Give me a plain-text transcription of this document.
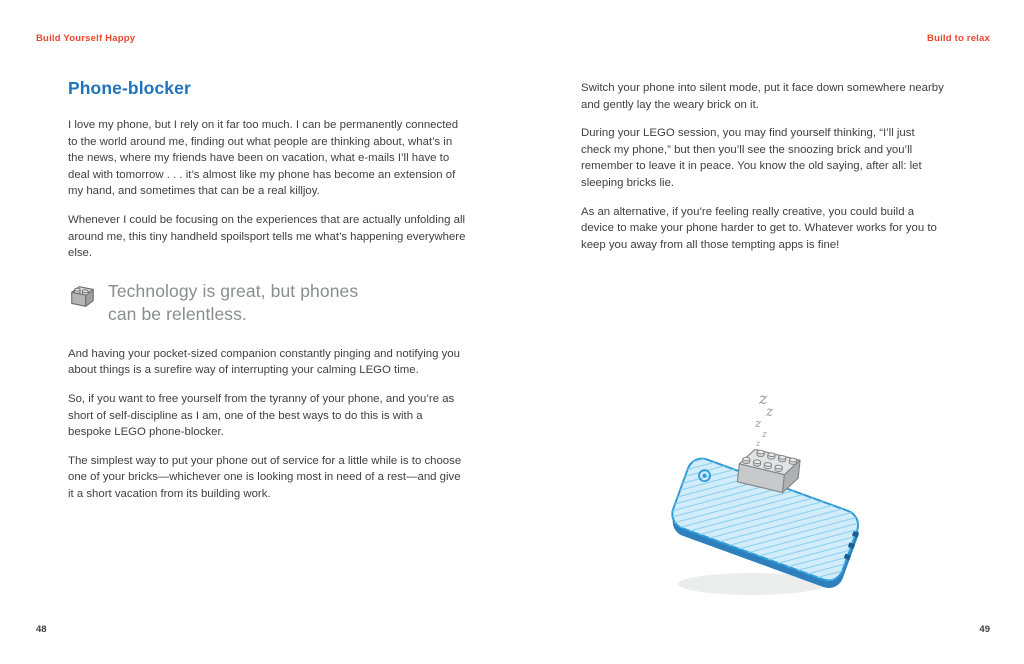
Build Yourself Happy	Build to relax
Phone-blocker

I love my phone, but I rely on it far too much. I can be permanently connected to the world around me, finding out what people are thinking about, what’s in the news, where my friends have been on vacation, what e-mails I’ll have to deal with tomorrow . . . it’s almost like my phone has become an extension of my hand, and sometimes that can be a real killjoy.

Whenever I could be focusing on the experiences that are actually unfolding all around me, this tiny handheld spoilsport tells me what’s happening everywhere else.

Technology is great, but phones
can be relentless.

And having your pocket-sized companion constantly pinging and notifying you about things is a surefire way of interrupting your calming LEGO time.

So, if you want to free yourself from the tyranny of your phone, and you’re as short of self-discipline as I am, one of the best ways to do this is with a bespoke LEGO phone-blocker.

The simplest way to put your phone out of service for a little while is to choose one of your bricks—whichever one is looking most in need of a rest—and give it a short vacation from its building work.

Switch your phone into silent mode, put it face down somewhere nearby and gently lay the weary brick on it.

During your LEGO session, you may find yourself thinking, “I’ll just check my phone,” but then you’ll see the snoozing brick and you’ll remember to leave it in peace. You know the old saying, after all: let sleeping bricks lie.

As an alternative, if you’re feeling really creative, you could build a device to make your phone harder to get to. Whatever works for you to keep you away from all those tempting apps is fine!

z
z
z
z
z
48	49
